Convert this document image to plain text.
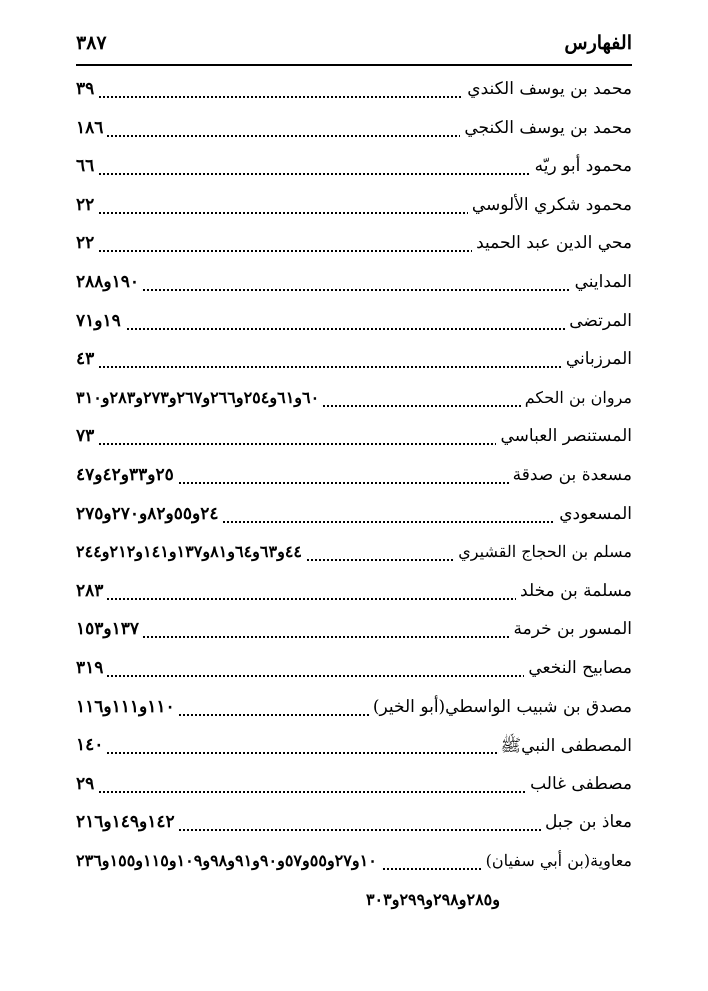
الفهارس
٣٨٧
محمد بن يوسف الكندي
٣٩
محمد بن يوسف الكنجي
١٨٦
محمود أبو ريّه
٦٦
محمود شكري الألوسي
٢٢
محي الدين عبد الحميد
٢٢
المدايني
١٩٠و٢٨٨
المرتضى
١٩و٧١
المرزباني
٤٣
مروان بن الحكم
٦٠و٦١و٢٥٤و٢٦٦و٢٦٧و٢٧٣و٢٨٣و٣١٠
المستنصر العباسي
٧٣
مسعدة بن صدقة
٢٥و٣٣و٤٢و٤٧
المسعودي
٢٤و٥٥و٨٢و٢٧٠و٢٧٥
مسلم بن الحجاج القشيري
٤٤و٦٣و٦٤و٨١و١٣٧و١٤١و٢١٢و٢٤٤
مسلمة بن مخلد
٢٨٣
المسور بن خرمة
١٣٧و١٥٣
مصابيح النخعي
٣١٩
مصدق بن شبيب الواسطي(أبو الخير)
١١٠و١١١و١١٦
المصطفى النبيﷺ
١٤٠
مصطفى غالب
٢٩
معاذ بن جبل
١٤٢و١٤٩و٢١٦
معاوية(بن أبي سفيان)
١٠و٢٧و٥٥و٥٧و٩٠و٩١و٩٨و١٠٩و١١٥و١٥٥و٢٣٦
و٢٨٥و٢٩٨و٢٩٩و٣٠٣
